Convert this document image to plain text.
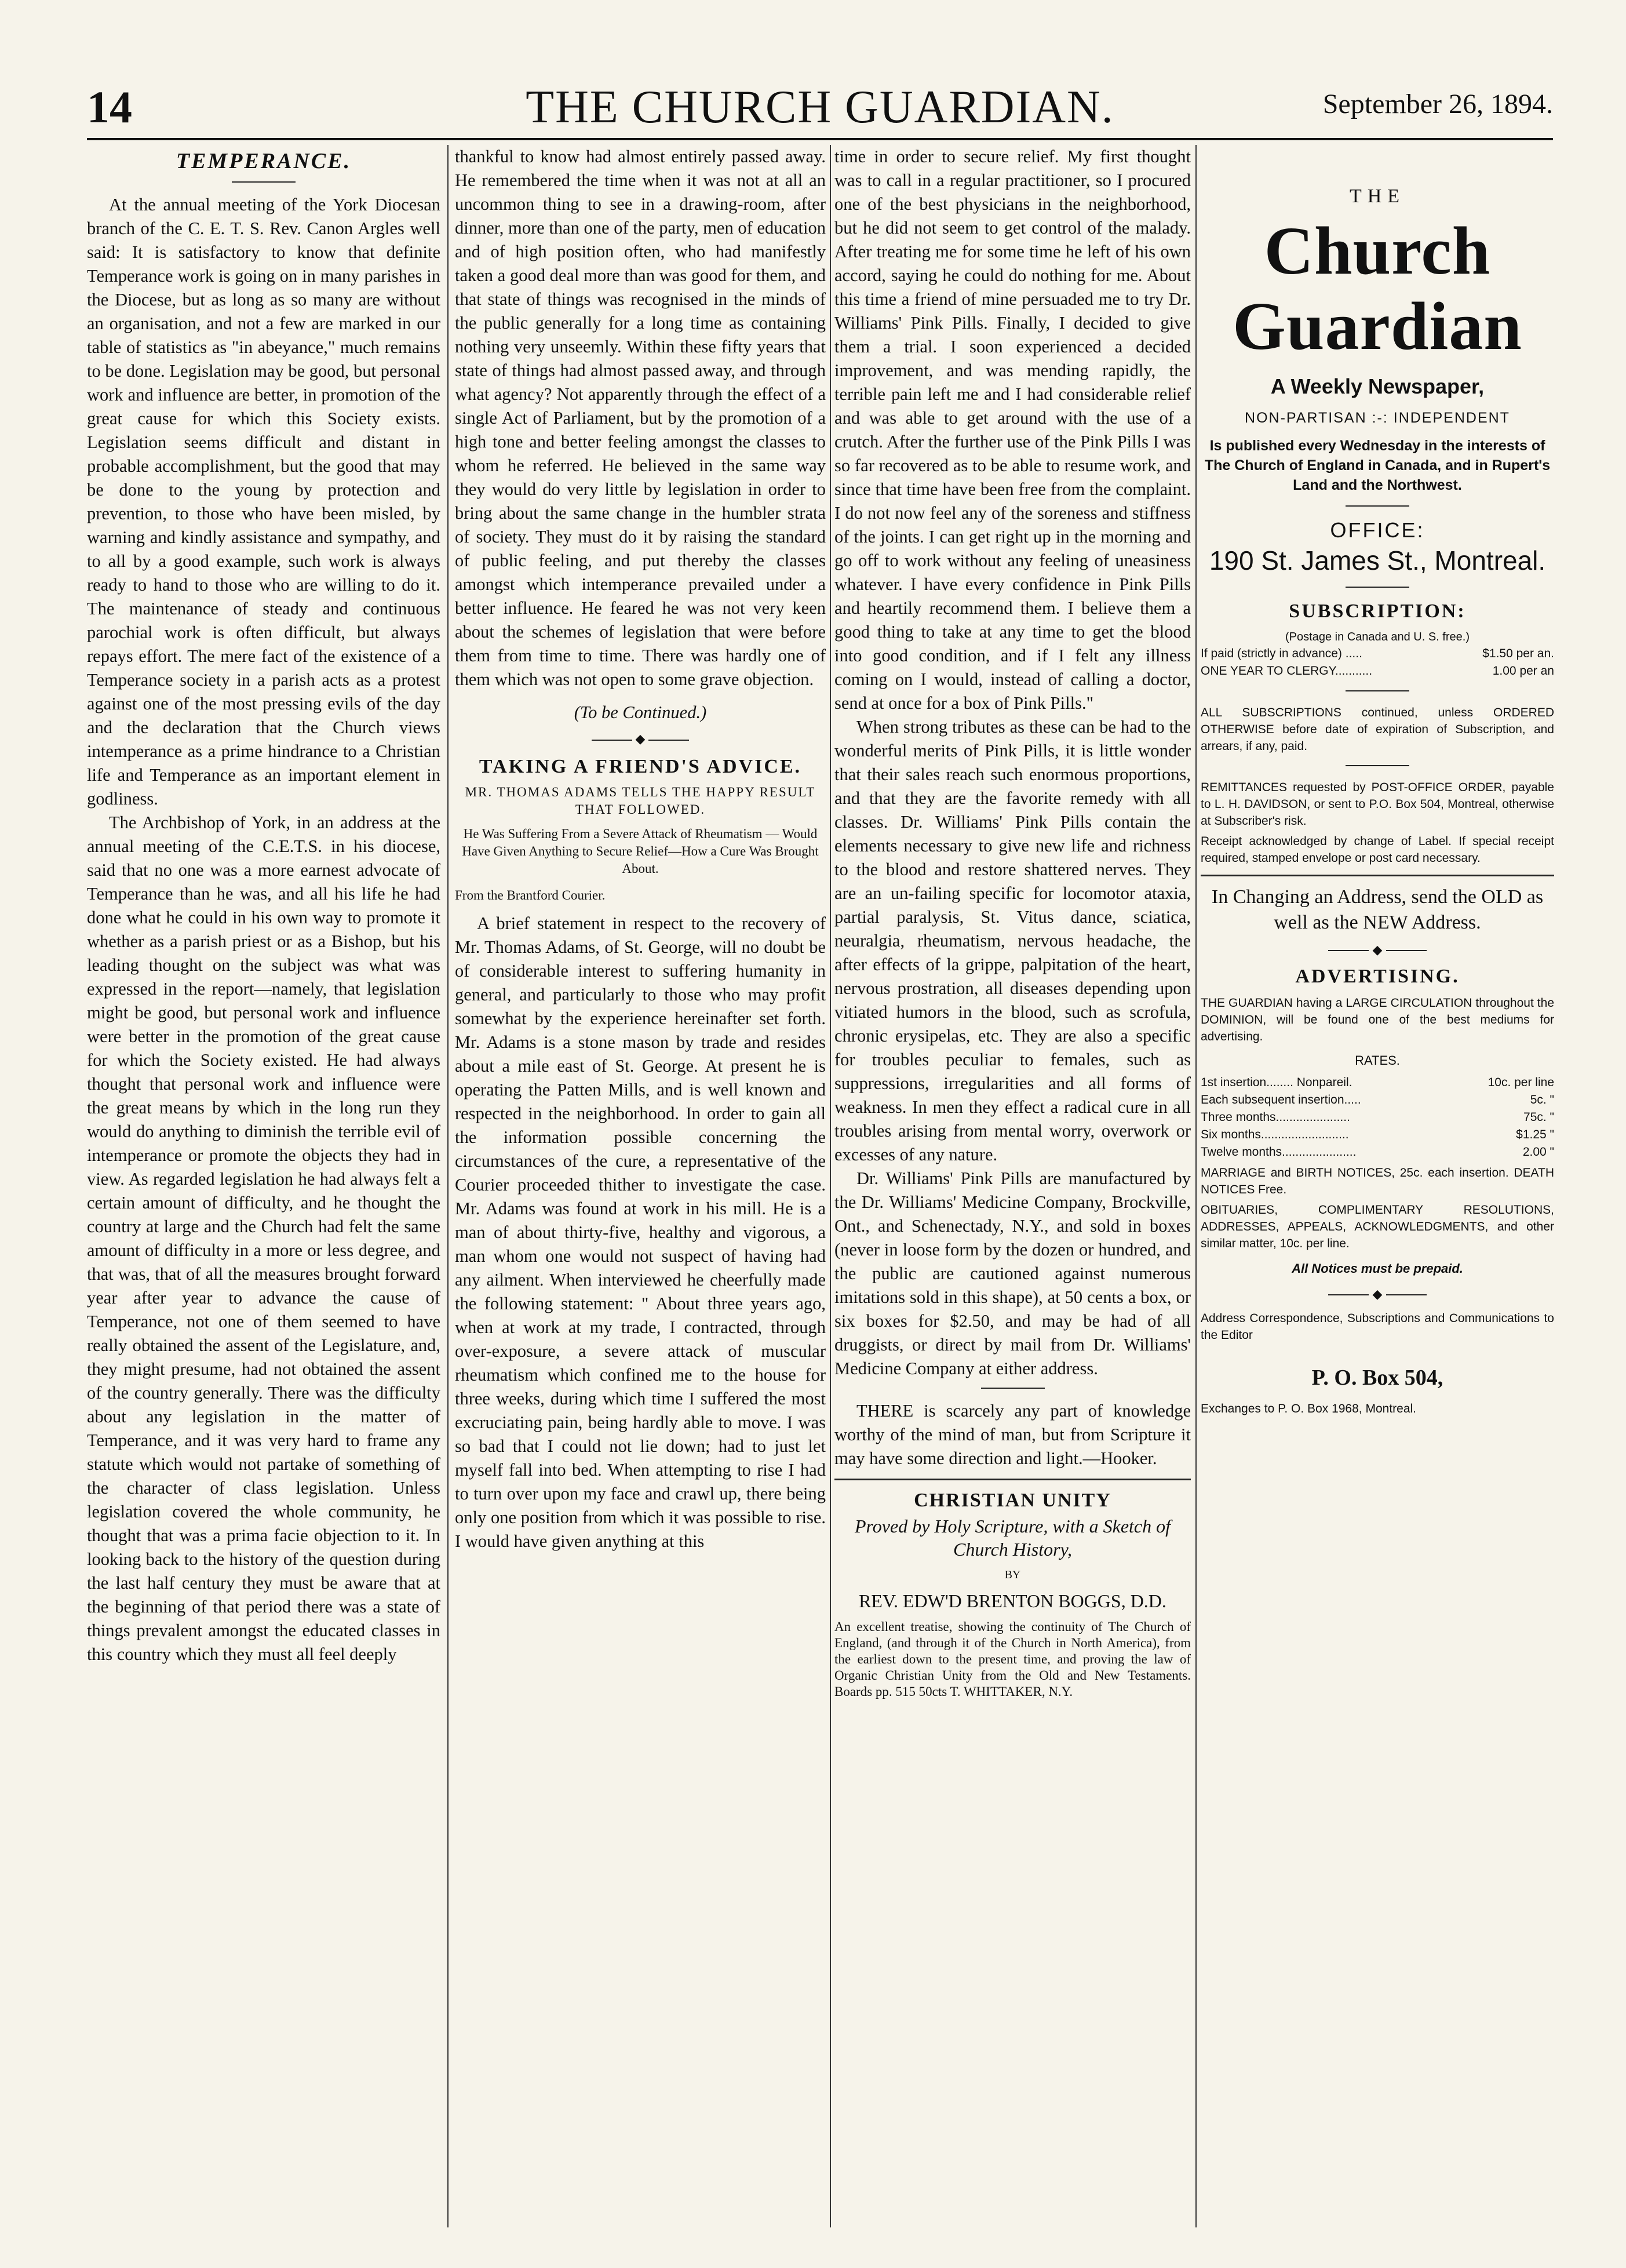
14	THE CHURCH GUARDIAN.	September 26, 1894.
TEMPERANCE.

At the annual meeting of the York Diocesan branch of the C. E. T. S. Rev. Canon Argles well said: It is satisfactory to know that definite Temperance work is going on in many parishes in the Diocese, but as long as so many are without an organisation, and not a few are marked in our table of statistics as "in abeyance," much remains to be done. Legislation may be good, but personal work and influence are better, in promotion of the great cause for which this Society exists. Legislation seems difficult and distant in probable accomplishment, but the good that may be done to the young by protection and prevention, to those who have been misled, by warning and kindly assistance and sympathy, and to all by a good example, such work is always ready to hand to those who are willing to do it. The maintenance of steady and continuous parochial work is often difficult, but always repays effort. The mere fact of the existence of a Temperance society in a parish acts as a protest against one of the most pressing evils of the day and the declaration that the Church views intemperance as a prime hindrance to a Christian life and Temperance as an important element in godliness.

The Archbishop of York, in an address at the annual meeting of the C.E.T.S. in his diocese, said that no one was a more earnest advocate of Temperance than he was, and all his life he had done what he could in his own way to promote it whether as a parish priest or as a Bishop, but his leading thought on the subject was what was expressed in the report—namely, that legislation might be good, but personal work and influence were better in the promotion of the great cause for which the Society existed. He had always thought that personal work and influence were the great means by which in the long run they would do anything to diminish the terrible evil of intemperance or promote the objects they had in view. As regarded legislation he had always felt a certain amount of difficulty, and he thought the country at large and the Church had felt the same amount of difficulty in a more or less degree, and that was, that of all the measures brought forward year after year to advance the cause of Temperance, not one of them seemed to have really obtained the assent of the Legislature, and, they might presume, had not obtained the assent of the country generally. There was the difficulty about any legislation in the matter of Temperance, and it was very hard to frame any statute which would not partake of something of the character of class legislation. Unless legislation covered the whole community, he thought that was a prima facie objection to it. In looking back to the history of the question during the last half century they must be aware that at the beginning of that period there was a state of things prevalent amongst the educated classes in this country which they must all feel deeply

thankful to know had almost entirely passed away. He remembered the time when it was not at all an uncommon thing to see in a drawing-room, after dinner, more than one of the party, men of education and of high position often, who had manifestly taken a good deal more than was good for them, and that state of things was recognised in the minds of the public generally for a long time as containing nothing very unseemly. Within these fifty years that state of things had almost passed away, and through what agency? Not apparently through the effect of a single Act of Parliament, but by the promotion of a high tone and better feeling amongst the classes to whom he referred. He believed in the same way they would do very little by legislation in order to bring about the same change in the humbler strata of society. They must do it by raising the standard of public feeling, and put thereby the classes amongst which intemperance prevailed under a better influence. He feared he was not very keen about the schemes of legislation that were before them from time to time. There was hardly one of them which was not open to some grave objection.

(To be Continued.)
◆
TAKING A FRIEND'S ADVICE.
MR. THOMAS ADAMS TELLS THE HAPPY RESULT THAT FOLLOWED.
He Was Suffering From a Severe Attack of Rheumatism — Would Have Given Anything to Secure Relief—How a Cure Was Brought About.

From the Brantford Courier.

A brief statement in respect to the recovery of Mr. Thomas Adams, of St. George, will no doubt be of considerable interest to suffering humanity in general, and particularly to those who may profit somewhat by the experience hereinafter set forth. Mr. Adams is a stone mason by trade and resides about a mile east of St. George. At present he is operating the Patten Mills, and is well known and respected in the neighborhood. In order to gain all the information possible concerning the circumstances of the cure, a representative of the Courier proceeded thither to investigate the case. Mr. Adams was found at work in his mill. He is a man of about thirty-five, healthy and vigorous, a man whom one would not suspect of having had any ailment. When interviewed he cheerfully made the following statement: " About three years ago, when at work at my trade, I contracted, through over-exposure, a severe attack of muscular rheumatism which confined me to the house for three weeks, during which time I suffered the most excruciating pain, being hardly able to move. I was so bad that I could not lie down; had to just let myself fall into bed. When attempting to rise I had to turn over upon my face and crawl up, there being only one position from which it was possible to rise. I would have given anything at this

time in order to secure relief. My first thought was to call in a regular practitioner, so I procured one of the best physicians in the neighborhood, but he did not seem to get control of the malady. After treating me for some time he left of his own accord, saying he could do nothing for me. About this time a friend of mine persuaded me to try Dr. Williams' Pink Pills. Finally, I decided to give them a trial. I soon experienced a decided improvement, and was mending rapidly, the terrible pain left me and I had considerable relief and was able to get around with the use of a crutch. After the further use of the Pink Pills I was so far recovered as to be able to resume work, and since that time have been free from the complaint. I do not now feel any of the soreness and stiffness of the joints. I can get right up in the morning and go off to work without any feeling of uneasiness whatever. I have every confidence in Pink Pills and heartily recommend them. I believe them a good thing to take at any time to get the blood into good condition, and if I felt any illness coming on I would, instead of calling a doctor, send at once for a box of Pink Pills."

When strong tributes as these can be had to the wonderful merits of Pink Pills, it is little wonder that their sales reach such enormous proportions, and that they are the favorite remedy with all classes. Dr. Williams' Pink Pills contain the elements necessary to give new life and richness to the blood and restore shattered nerves. They are an un-failing specific for locomotor ataxia, partial paralysis, St. Vitus dance, sciatica, neuralgia, rheumatism, nervous headache, the after effects of la grippe, palpitation of the heart, nervous prostration, all diseases depending upon vitiated humors in the blood, such as scrofula, chronic erysipelas, etc. They are also a specific for troubles peculiar to females, such as suppressions, irregularities and all forms of weakness. In men they effect a radical cure in all troubles arising from mental worry, overwork or excesses of any nature.

Dr. Williams' Pink Pills are manufactured by the Dr. Williams' Medicine Company, Brockville, Ont., and Schenectady, N.Y., and sold in boxes (never in loose form by the dozen or hundred, and the public are cautioned against numerous imitations sold in this shape), at 50 cents a box, or six boxes for $2.50, and may be had of all druggists, or direct by mail from Dr. Williams' Medicine Company at either address.

THERE is scarcely any part of knowledge worthy of the mind of man, but from Scripture it may have some direction and light.—Hooker.

CHRISTIAN UNITY
Proved by Holy Scripture, with a Sketch of Church History,
BY
REV. EDW'D BRENTON BOGGS, D.D.

An excellent treatise, showing the continuity of The Church of England, (and through it of the Church in North America), from the earliest down to the present time, and proving the law of Organic Christian Unity from the Old and New Testaments. Boards pp. 515 50cts T. WHITTAKER, N.Y.

THE
Church Guardian
A Weekly Newspaper,
NON-PARTISAN :-: INDEPENDENT
Is published every Wednesday in the interests of The Church of England in Canada, and in Rupert's Land and the Northwest.
OFFICE:
190 St. James St., Montreal.
SUBSCRIPTION:
(Postage in Canada and U. S. free.)
If paid (strictly in advance) .....	$1.50 per an.
ONE YEAR TO CLERGY...........	1.00 per an

ALL SUBSCRIPTIONS continued, unless ORDERED OTHERWISE before date of expiration of Subscription, and arrears, if any, paid.

REMITTANCES requested by POST-OFFICE ORDER, payable to L. H. DAVIDSON, or sent to P.O. Box 504, Montreal, otherwise at Subscriber's risk.

Receipt acknowledged by change of Label. If special receipt required, stamped envelope or post card necessary.

In Changing an Address, send the OLD as well as the NEW Address.
◆
ADVERTISING.

THE GUARDIAN having a LARGE CIRCULATION throughout the DOMINION, will be found one of the best mediums for advertising.

RATES.
1st insertion........ Nonpareil.	10c. per line
Each subsequent insertion.....	5c. "
Three months......................	75c. "
Six months..........................	$1.25 "
Twelve months......................	2.00 "

MARRIAGE and BIRTH NOTICES, 25c. each insertion. DEATH NOTICES Free.

OBITUARIES, COMPLIMENTARY RESOLUTIONS, ADDRESSES, APPEALS, ACKNOWLEDGMENTS, and other similar matter, 10c. per line.

All Notices must be prepaid.
◆

Address Correspondence, Subscriptions and Communications to the Editor

P. O. Box 504,

Exchanges to P. O. Box 1968, Montreal.
